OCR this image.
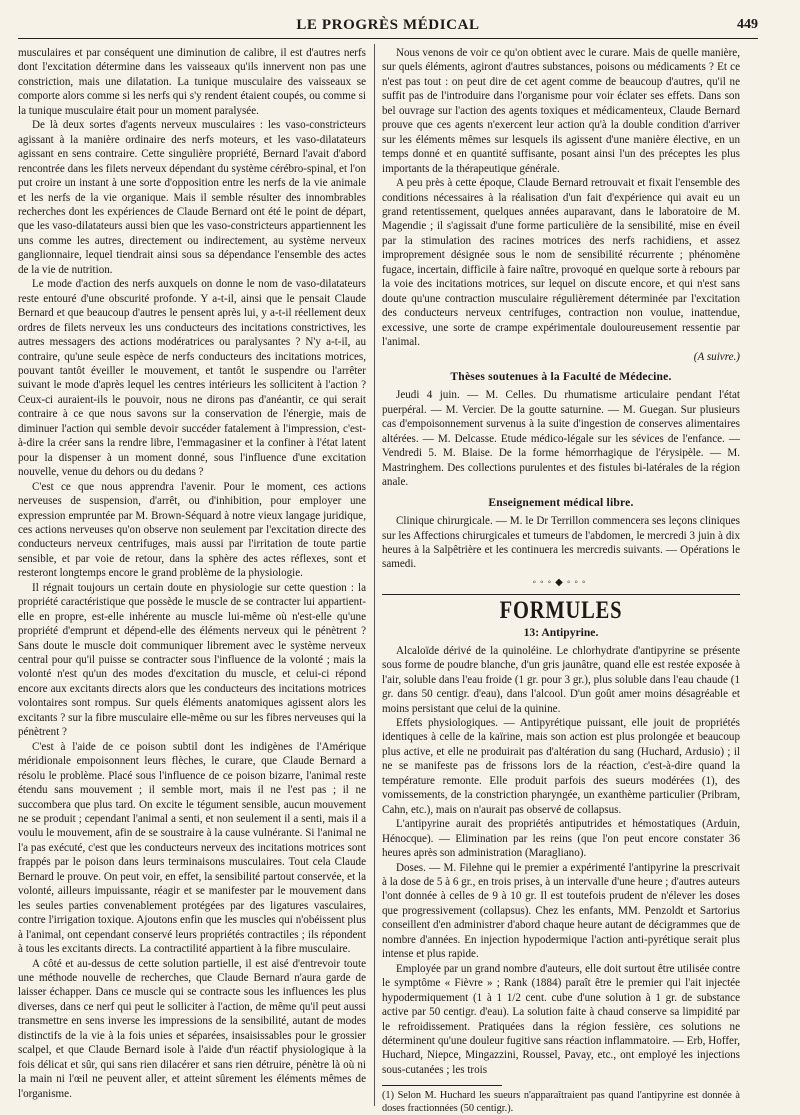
LE PROGRÈS MÉDICAL	449

musculaires et par conséquent une diminution de calibre, il est d'autres nerfs dont l'excitation détermine dans les vaisseaux qu'ils innervent non pas une constriction, mais une dilatation. La tunique musculaire des vaisseaux se comporte alors comme si les nerfs qui s'y rendent étaient coupés, ou comme si la tunique musculaire était pour un moment paralysée.

De là deux sortes d'agents nerveux musculaires : les vaso-constricteurs agissant à la manière ordinaire des nerfs moteurs, et les vaso-dilatateurs agissant en sens contraire. Cette singulière propriété, Bernard l'avait d'abord rencontrée dans les filets nerveux dépendant du système cérébro-spinal, et l'on put croire un instant à une sorte d'opposition entre les nerfs de la vie animale et les nerfs de la vie organique. Mais il semble résulter des innombrables recherches dont les expériences de Claude Bernard ont été le point de départ, que les vaso-dilatateurs aussi bien que les vaso-constricteurs appartiennent les uns comme les autres, directement ou indirectement, au système nerveux ganglionnaire, lequel tiendrait ainsi sous sa dépendance l'ensemble des actes de la vie de nutrition.

Le mode d'action des nerfs auxquels on donne le nom de vaso-dilatateurs reste entouré d'une obscurité profonde. Y a-t-il, ainsi que le pensait Claude Bernard et que beaucoup d'autres le pensent après lui, y a-t-il réellement deux ordres de filets nerveux les uns conducteurs des incitations constrictives, les autres messagers des actions modératrices ou paralysantes ? N'y a-t-il, au contraire, qu'une seule espèce de nerfs conducteurs des incitations motrices, pouvant tantôt éveiller le mouvement, et tantôt le suspendre ou l'arrêter suivant le mode d'après lequel les centres intérieurs les sollicitent à l'action ? Ceux-ci auraient-ils le pouvoir, nous ne dirons pas d'anéantir, ce qui serait contraire à ce que nous savons sur la conservation de l'énergie, mais de diminuer l'action qui semble devoir succéder fatalement à l'impression, c'est-à-dire la créer sans la rendre libre, l'emmagasiner et la confiner à l'état latent pour la dispenser à un moment donné, sous l'influence d'une excitation nouvelle, venue du dehors ou du dedans ?

C'est ce que nous apprendra l'avenir. Pour le moment, ces actions nerveuses de suspension, d'arrêt, ou d'inhibition, pour employer une expression empruntée par M. Brown-Séquard à notre vieux langage juridique, ces actions nerveuses qu'on observe non seulement par l'excitation directe des conducteurs nerveux centrifuges, mais aussi par l'irritation de toute partie sensible, et par voie de retour, dans la sphère des actes réflexes, sont et resteront longtemps encore le grand problème de la physiologie.

Il régnait toujours un certain doute en physiologie sur cette question : la propriété caractéristique que possède le muscle de se contracter lui appartient-elle en propre, est-elle inhérente au muscle lui-même où n'est-elle qu'une propriété d'emprunt et dépend-elle des éléments nerveux qui le pénètrent ? Sans doute le muscle doit communiquer librement avec le système nerveux central pour qu'il puisse se contracter sous l'influence de la volonté ; mais la volonté n'est qu'un des modes d'excitation du muscle, et celui-ci répond encore aux excitants directs alors que les conducteurs des incitations motrices volontaires sont rompus. Sur quels éléments anatomiques agissent alors les excitants ? sur la fibre musculaire elle-même ou sur les fibres nerveuses qui la pénètrent ?

C'est à l'aide de ce poison subtil dont les indigènes de l'Amérique méridionale empoisonnent leurs flèches, le curare, que Claude Bernard a résolu le problème. Placé sous l'influence de ce poison bizarre, l'animal reste étendu sans mouvement ; il semble mort, mais il ne l'est pas ; il ne succombera que plus tard. On excite le tégument sensible, aucun mouvement ne se produit ; cependant l'animal a senti, et non seulement il a senti, mais il a voulu le mouvement, afin de se soustraire à la cause vulnérante. Si l'animal ne l'a pas exécuté, c'est que les conducteurs nerveux des incitations motrices sont frappés par le poison dans leurs terminaisons musculaires. Tout cela Claude Bernard le prouve. On peut voir, en effet, la sensibilité partout conservée, et la volonté, ailleurs impuissante, réagir et se manifester par le mouvement dans les seules parties convenablement protégées par des ligatures vasculaires, contre l'irrigation toxique. Ajoutons enfin que les muscles qui n'obéissent plus à l'animal, ont cependant conservé leurs propriétés contractiles ; ils répondent à tous les excitants directs. La contractilité appartient à la fibre musculaire.

A côté et au-dessus de cette solution partielle, il est aisé d'entrevoir toute une méthode nouvelle de recherches, que Claude Bernard n'aura garde de laisser échapper. Dans ce muscle qui se contracte sous les influences les plus diverses, dans ce nerf qui peut le solliciter à l'action, de même qu'il peut aussi transmettre en sens inverse les impressions de la sensibilité, autant de modes distinctifs de la vie à la fois unies et séparées, insaisissables pour le grossier scalpel, et que Claude Bernard isole à l'aide d'un réactif physiologique à la fois délicat et sûr, qui sans rien dilacérer et sans rien détruire, pénètre là où ni la main ni l'œil ne peuvent aller, et atteint sûrement les éléments mêmes de l'organisme.

Nous venons de voir ce qu'on obtient avec le curare. Mais de quelle manière, sur quels éléments, agiront d'autres substances, poisons ou médicaments ? Et ce n'est pas tout : on peut dire de cet agent comme de beaucoup d'autres, qu'il ne suffit pas de l'introduire dans l'organisme pour voir éclater ses effets. Dans son bel ouvrage sur l'action des agents toxiques et médicamenteux, Claude Bernard prouve que ces agents n'exercent leur action qu'à la double condition d'arriver sur les éléments mêmes sur lesquels ils agissent d'une manière élective, en un temps donné et en quantité suffisante, posant ainsi l'un des préceptes les plus importants de la thérapeutique générale.

A peu près à cette époque, Claude Bernard retrouvait et fixait l'ensemble des conditions nécessaires à la réalisation d'un fait d'expérience qui avait eu un grand retentissement, quelques années auparavant, dans le laboratoire de M. Magendie ; il s'agissait d'une forme particulière de la sensibilité, mise en éveil par la stimulation des racines motrices des nerfs rachidiens, et assez improprement désignée sous le nom de sensibilité récurrente ; phénomène fugace, incertain, difficile à faire naître, provoqué en quelque sorte à rebours par la voie des incitations motrices, sur lequel on discute encore, et qui n'est sans doute qu'une contraction musculaire régulièrement déterminée par l'excitation des conducteurs nerveux centrifuges, contraction non voulue, inattendue, excessive, une sorte de crampe expérimentale douloureusement ressentie par l'animal.

(A suivre.)

Thèses soutenues à la Faculté de Médecine.

Jeudi 4 juin. — M. Celles. Du rhumatisme articulaire pendant l'état puerpéral. — M. Vercier. De la goutte saturnine. — M. Guegan. Sur plusieurs cas d'empoisonnement survenus à la suite d'ingestion de conserves alimentaires altérées. — M. Delcasse. Etude médico-légale sur les sévices de l'enfance. — Vendredi 5. M. Blaise. De la forme hémorrhagique de l'érysipèle. — M. Mastringhem. Des collections purulentes et des fistules bi-latérales de la région anale.

Enseignement médical libre.

Clinique chirurgicale. — M. le Dr Terrillon commencera ses leçons cliniques sur les Affections chirurgicales et tumeurs de l'abdomen, le mercredi 3 juin à dix heures à la Salpêtrière et les continuera les mercredis suivants. — Opérations le samedi.

◦◦◦◆◦◦◦
FORMULES
13: Antipyrine.

Alcaloïde dérivé de la quinoléine. Le chlorhydrate d'antipyrine se présente sous forme de poudre blanche, d'un gris jaunâtre, quand elle est restée exposée à l'air, soluble dans l'eau froide (1 gr. pour 3 gr.), plus soluble dans l'eau chaude (1 gr. dans 50 centigr. d'eau), dans l'alcool. D'un goût amer moins désagréable et moins persistant que celui de la quinine.

Effets physiologiques. — Antipyrétique puissant, elle jouit de propriétés identiques à celle de la kaïrine, mais son action est plus prolongée et beaucoup plus active, et elle ne produirait pas d'altération du sang (Huchard, Ardusio) ; il ne se manifeste pas de frissons lors de la réaction, c'est-à-dire quand la température remonte. Elle produit parfois des sueurs modérées (1), des vomissements, de la constriction pharyngée, un exanthème particulier (Pribram, Cahn, etc.), mais on n'aurait pas observé de collapsus.

L'antipyrine aurait des propriétés antiputrides et hémostatiques (Arduin, Hénocque). — Elimination par les reins (que l'on peut encore constater 36 heures après son administration (Maragliano).

Doses. — M. Filehne qui le premier a expérimenté l'antipyrine la prescrivait à la dose de 5 à 6 gr., en trois prises, à un intervalle d'une heure ; d'autres auteurs l'ont donnée à celles de 9 à 10 gr. Il est toutefois prudent de n'élever les doses que progressivement (collapsus). Chez les enfants, MM. Penzoldt et Sartorius conseillent d'en administrer d'abord chaque heure autant de décigrammes que de nombre d'années. En injection hypodermique l'action anti-pyrétique serait plus intense et plus rapide.

Employée par un grand nombre d'auteurs, elle doit surtout être utilisée contre le symptôme « Fièvre » ; Rank (1884) paraît être le premier qui l'ait injectée hypodermiquement (1 à 1 1/2 cent. cube d'une solution à 1 gr. de substance active par 50 centigr. d'eau). La solution faite à chaud conserve sa limpidité par le refroidissement. Pratiquées dans la région fessière, ces solutions ne déterminent qu'une douleur fugitive sans réaction inflammatoire. — Erb, Hoffer, Huchard, Niepce, Mingazzini, Roussel, Pavay, etc., ont employé les injections sous-cutanées ; les trois

(1) Selon M. Huchard les sueurs n'apparaîtraient pas quand l'antipyrine est donnée à doses fractionnées (50 centigr.).
